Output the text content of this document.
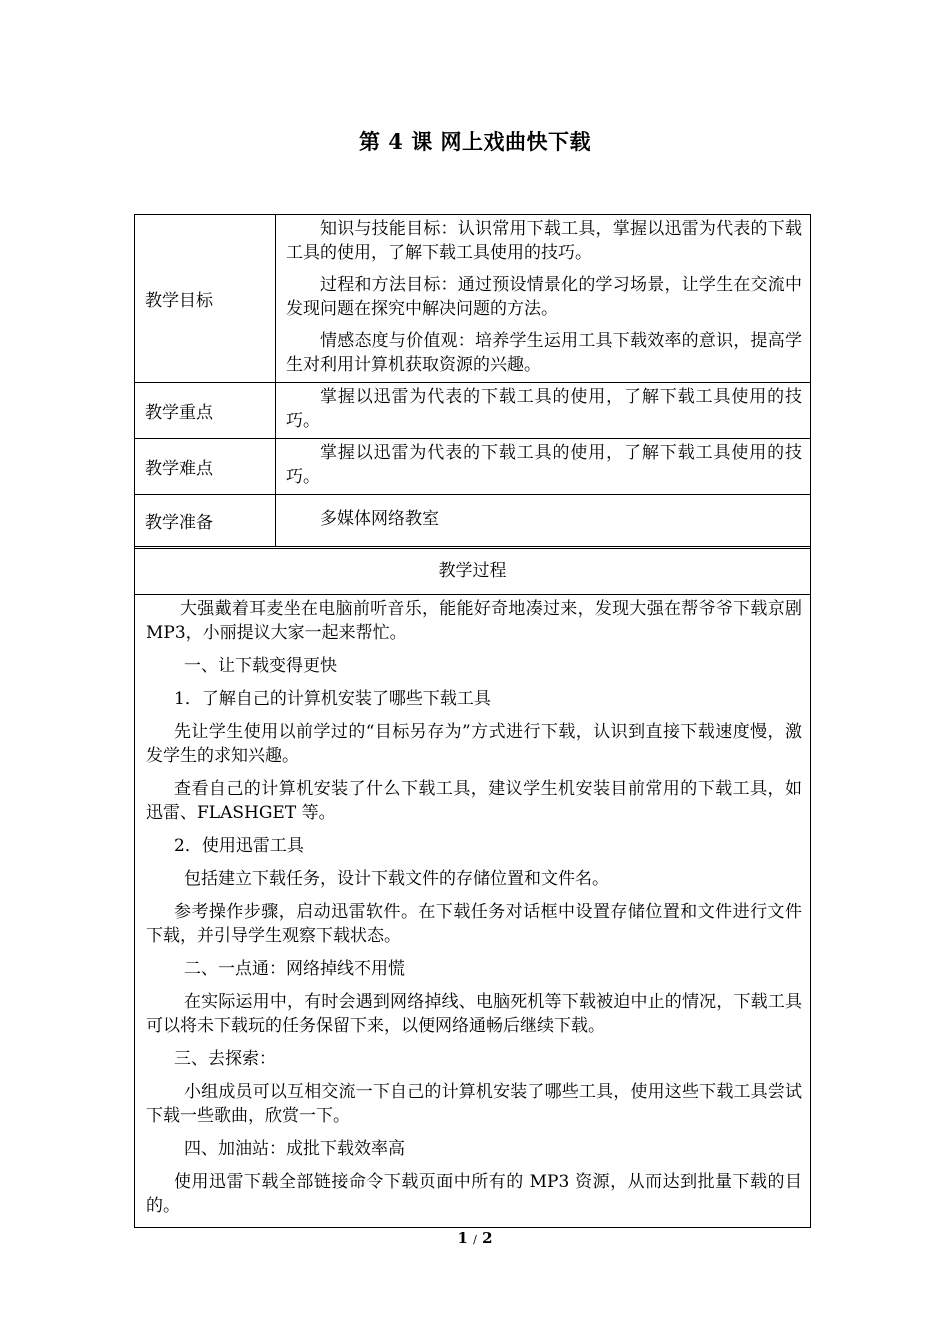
第 4 课 网上戏曲快下载
教学目标

知识与技能目标：认识常用下载工具，掌握以迅雷为代表的下载工具的使用，了解下载工具使用的技巧。

过程和方法目标：通过预设情景化的学习场景，让学生在交流中发现问题在探究中解决问题的方法。

情感态度与价值观：培养学生运用工具下载效率的意识，提高学生对利用计算机获取资源的兴趣。

教学重点

掌握以迅雷为代表的下载工具的使用，了解下载工具使用的技巧。

教学难点

掌握以迅雷为代表的下载工具的使用，了解下载工具使用的技巧。

教学准备	多媒体网络教室

教学过程

大强戴着耳麦坐在电脑前听音乐，能能好奇地凑过来，发现大强在帮爷爷下载京剧 MP3，小丽提议大家一起来帮忙。

一、让下载变得更快

1．了解自己的计算机安装了哪些下载工具

先让学生使用以前学过的“目标另存为”方式进行下载，认识到直接下载速度慢，激发学生的求知兴趣。

查看自己的计算机安装了什么下载工具，建议学生机安装目前常用的下载工具，如迅雷、FLASHGET 等。

2．使用迅雷工具

包括建立下载任务，设计下载文件的存储位置和文件名。

参考操作步骤，启动迅雷软件。在下载任务对话框中设置存储位置和文件进行文件下载，并引导学生观察下载状态。

二、一点通：网络掉线不用慌

在实际运用中，有时会遇到网络掉线、电脑死机等下载被迫中止的情况，下载工具可以将未下载玩的任务保留下来，以便网络通畅后继续下载。

三、去探索：

小组成员可以互相交流一下自己的计算机安装了哪些工具，使用这些下载工具尝试下载一些歌曲，欣赏一下。

四、加油站：成批下载效率高

使用迅雷下载全部链接命令下载页面中所有的 MP3 资源，从而达到批量下载的目的。

1 / 2
